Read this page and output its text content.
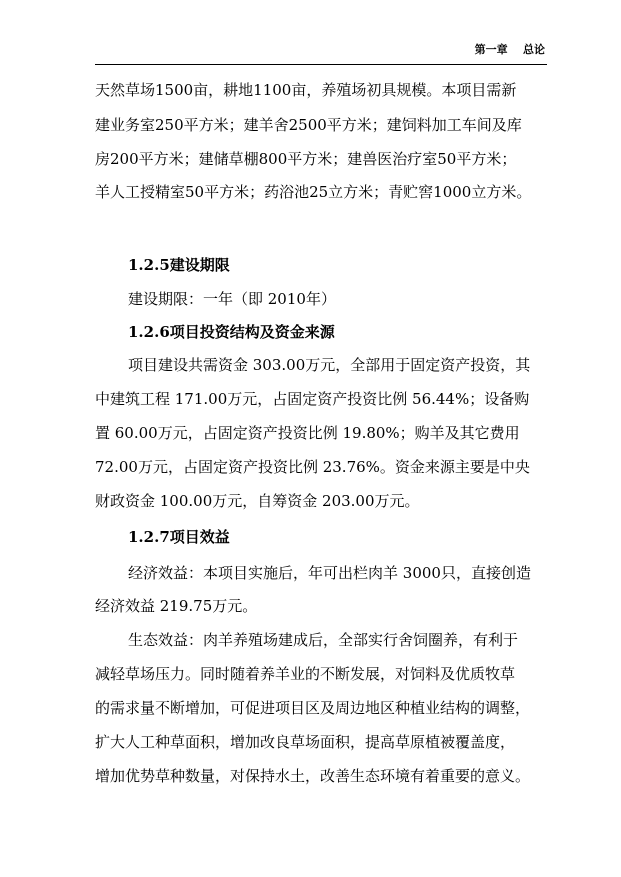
第一章 总论
天然草场1500亩，耕地1100亩，养殖场初具规模。本项目需新
建业务室250平方米；建羊舍2500平方米；建饲料加工车间及库
房200平方米；建储草棚800平方米；建兽医治疗室50平方米；
羊人工授精室50平方米；药浴池25立方米；青贮窖1000立方米。
1.2.5建设期限
建设期限：一年（即 2010年）
1.2.6项目投资结构及资金来源
项目建设共需资金 303.00万元，全部用于固定资产投资，其
中建筑工程 171.00万元，占固定资产投资比例 56.44%；设备购
置 60.00万元，占固定资产投资比例 19.80%；购羊及其它费用
72.00万元，占固定资产投资比例 23.76%。资金来源主要是中央
财政资金 100.00万元，自筹资金 203.00万元。
1.2.7项目效益
经济效益：本项目实施后，年可出栏肉羊 3000只，直接创造
经济效益 219.75万元。
生态效益：肉羊养殖场建成后，全部实行舍饲圈养，有利于
减轻草场压力。同时随着养羊业的不断发展，对饲料及优质牧草
的需求量不断增加，可促进项目区及周边地区种植业结构的调整，
扩大人工种草面积，增加改良草场面积，提高草原植被覆盖度，
增加优势草种数量，对保持水土，改善生态环境有着重要的意义。
